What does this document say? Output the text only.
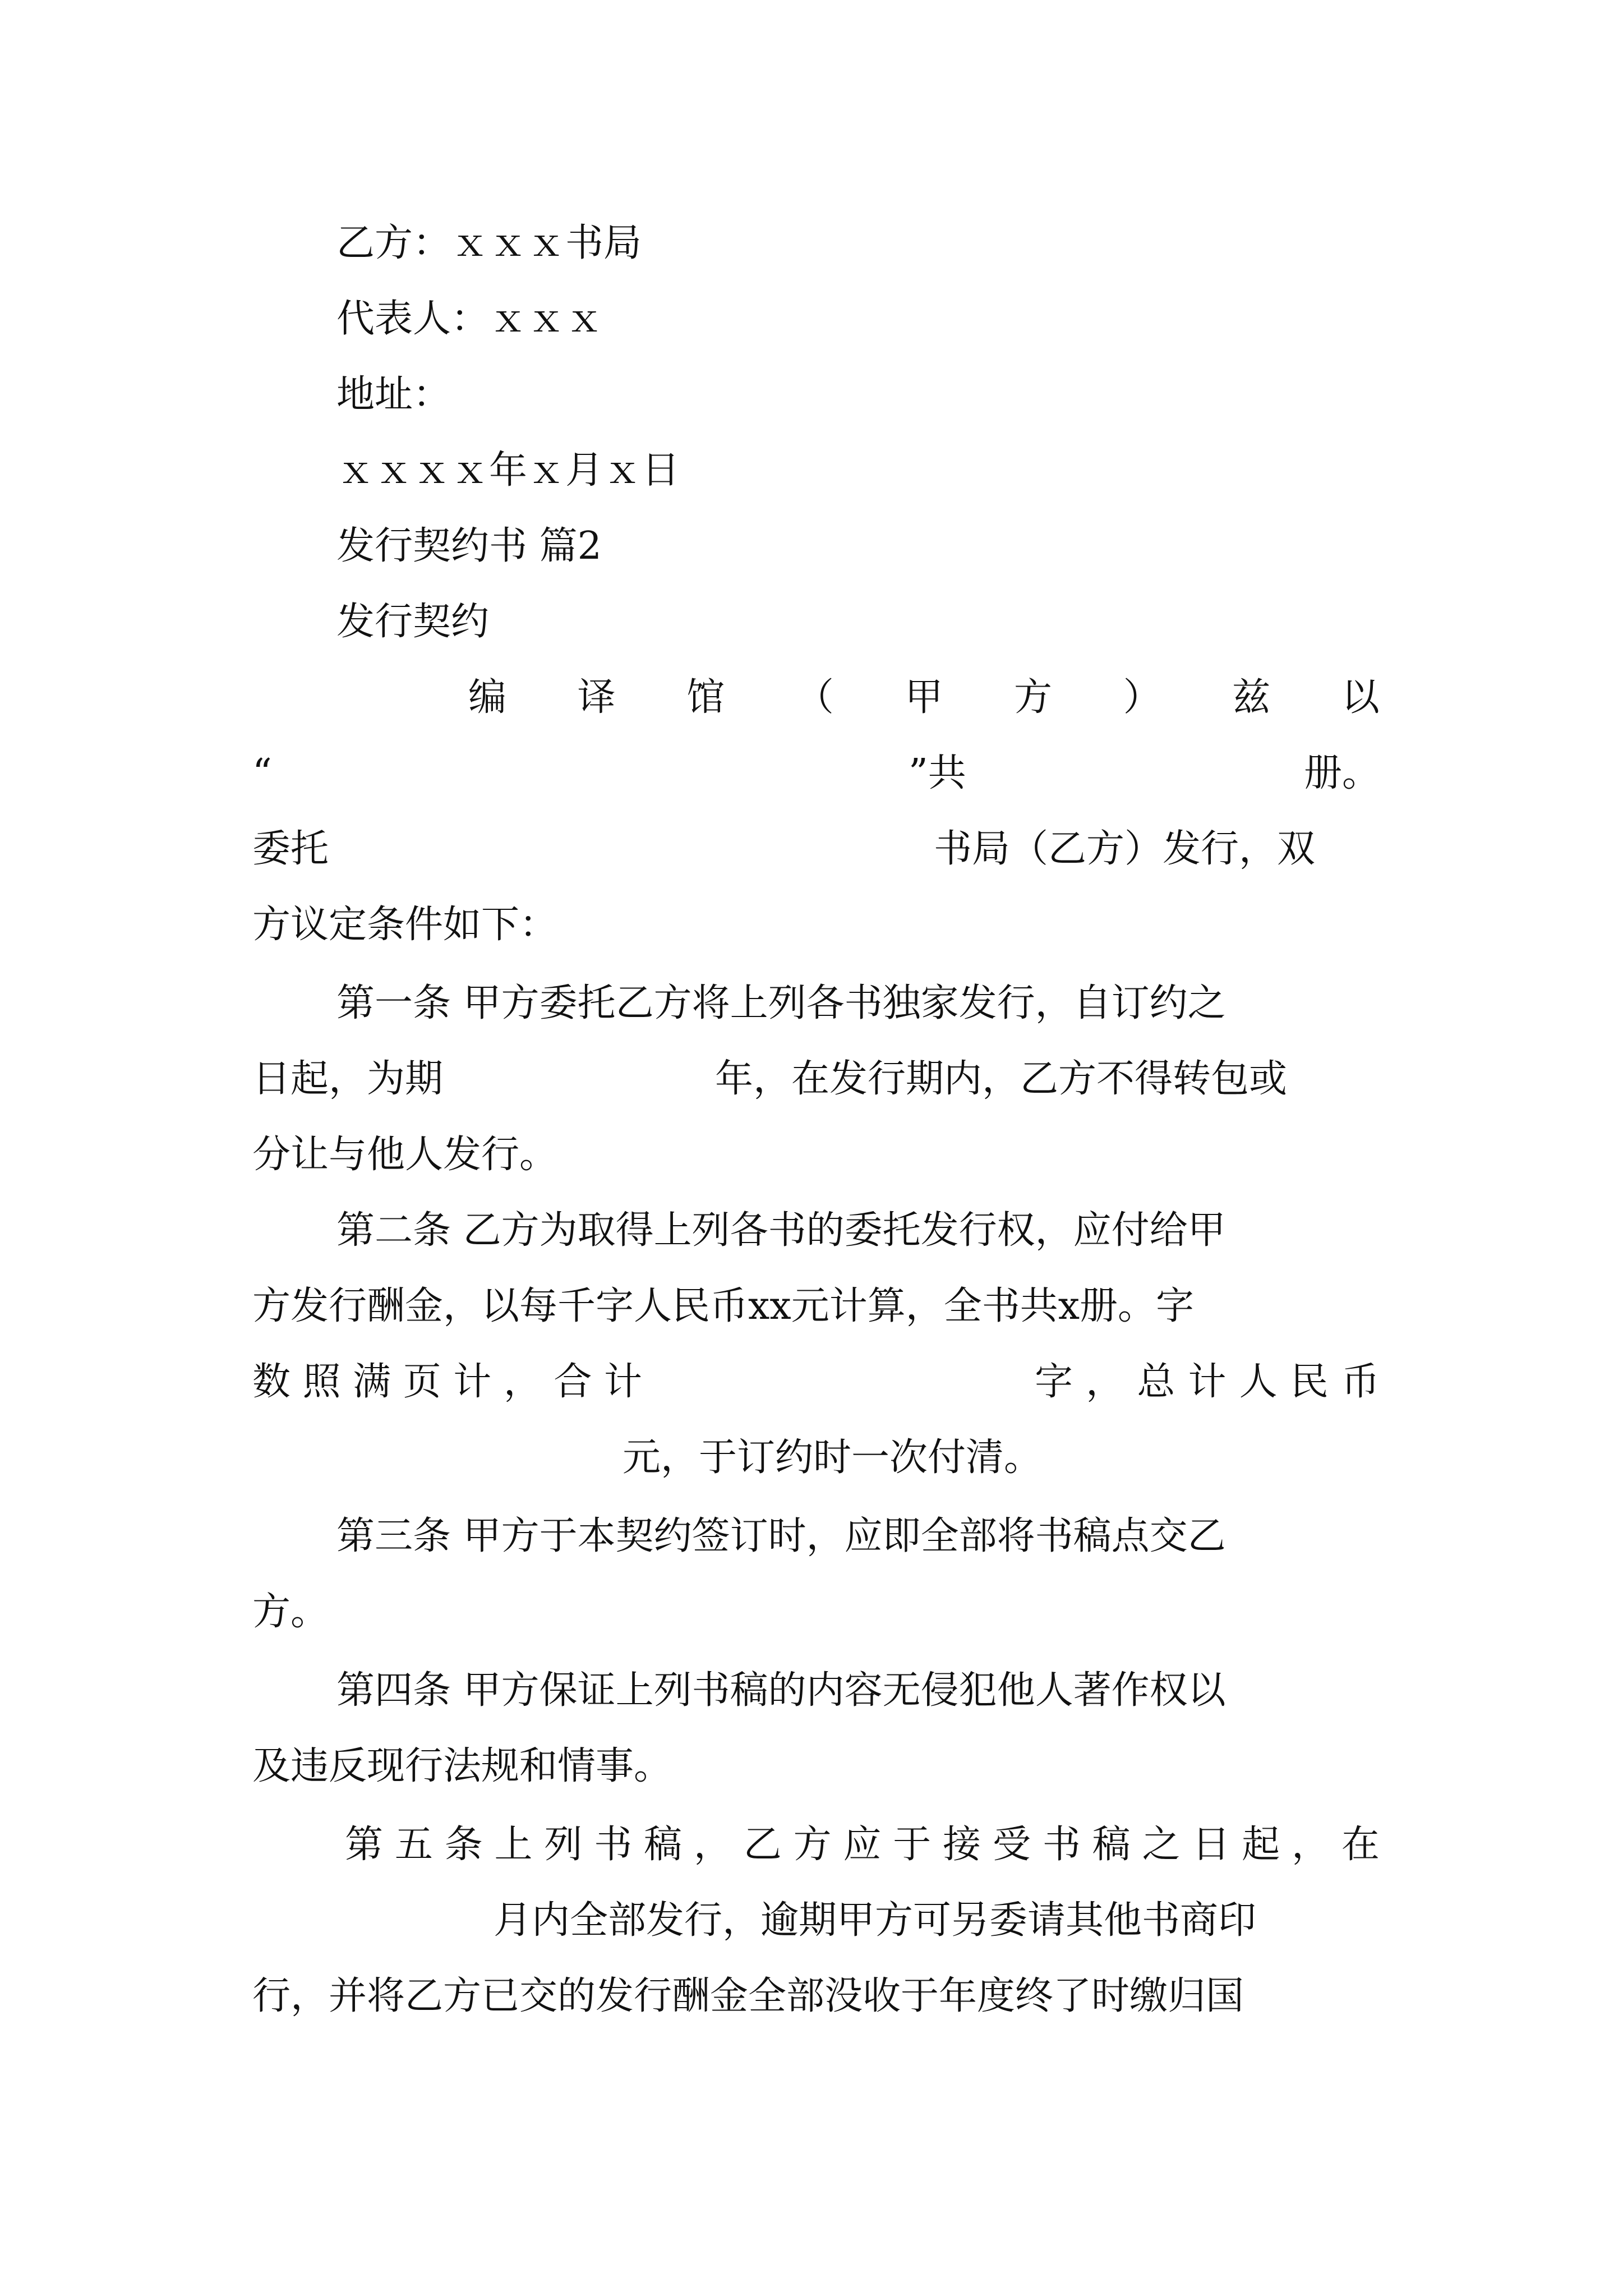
乙方：ｘｘｘ书局
代表人：ｘｘｘ
地址：
ｘｘｘｘ年ｘ月ｘ日
发行契约书 篇2
发行契约
编 译 馆 （ 甲 方 ） 兹 以
“	”共	册。
委托	书局（乙方）发行，双
方议定条件如下：
第一条 甲方委托乙方将上列各书独家发行，自订约之
日起，为期	年，在发行期内，乙方不得转包或
分让与他人发行。
第二条 乙方为取得上列各书的委托发行权，应付给甲
方发行酬金，以每千字人民币xx元计算，全书共x册。字
数 照 满 页 计 ， 合 计	字 ， 总 计 人 民 币
元，于订约时一次付清。
第三条 甲方于本契约签订时，应即全部将书稿点交乙
方。
第四条 甲方保证上列书稿的内容无侵犯他人著作权以
及违反现行法规和情事。
第 五 条 上 列 书 稿 ， 乙 方 应 于 接 受 书 稿 之 日 起 ， 在
月内全部发行，逾期甲方可另委请其他书商印
行，并将乙方已交的发行酬金全部没收于年度终了时缴归国
